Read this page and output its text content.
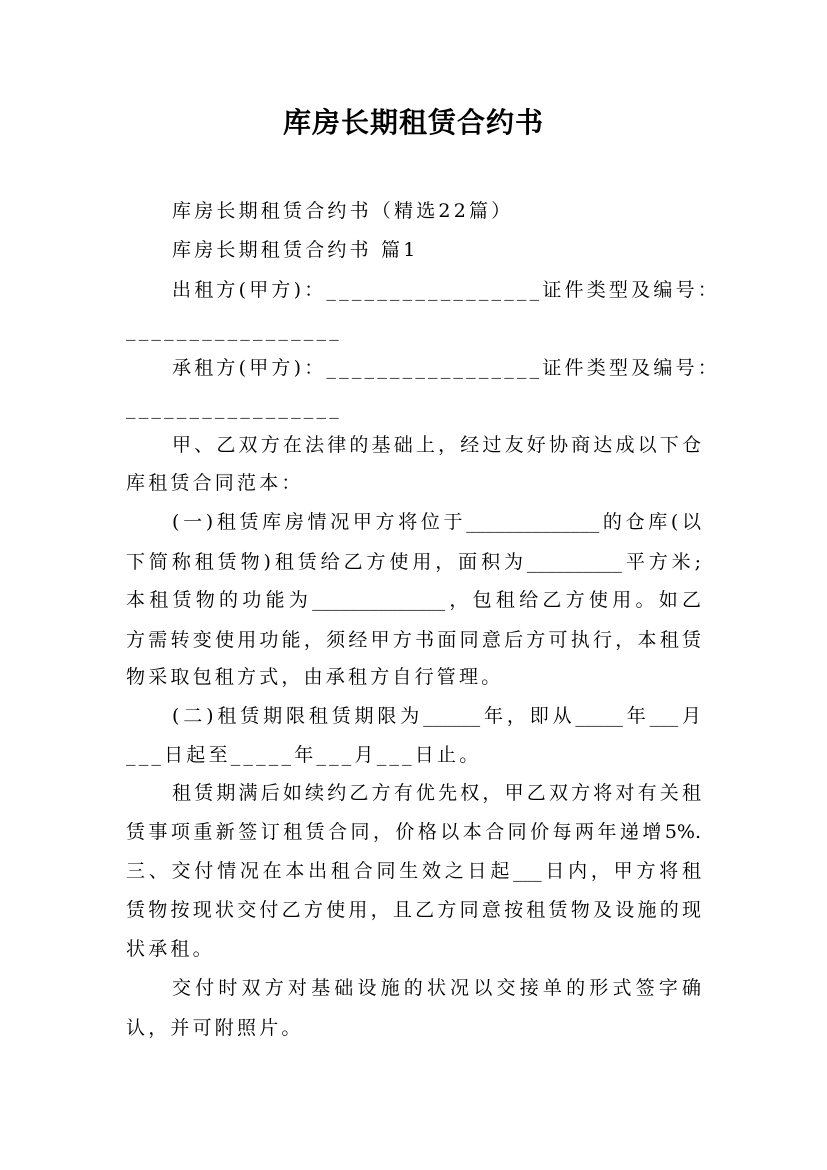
库房长期租赁合约书
库房长期租赁合约书（精选22篇）
库房长期租赁合约书 篇1
出租方(甲方)：_________________证件类型及编号：
_________________
承租方(甲方)：_________________证件类型及编号：
_________________
甲、乙双方在法律的基础上，经过友好协商达成以下仓
库租赁合同范本：
(一)租赁库房情况甲方将位于______________的仓库(以
下简称租赁物)租赁给乙方使用，面积为__________平方米;
本租赁物的功能为______________，包租给乙方使用。如乙
方需转变使用功能，须经甲方书面同意后方可执行，本租赁
物采取包租方式，由承租方自行管理。
(二)租赁期限租赁期限为______年，即从_____年___月
___日起至_____年___月___日止。
租赁期满后如续约乙方有优先权，甲乙双方将对有关租
赁事项重新签订租赁合同，价格以本合同价每两年递增5%.
三、交付情况在本出租合同生效之日起___日内，甲方将租
赁物按现状交付乙方使用，且乙方同意按租赁物及设施的现
状承租。
交付时双方对基础设施的状况以交接单的形式签字确
认，并可附照片。
